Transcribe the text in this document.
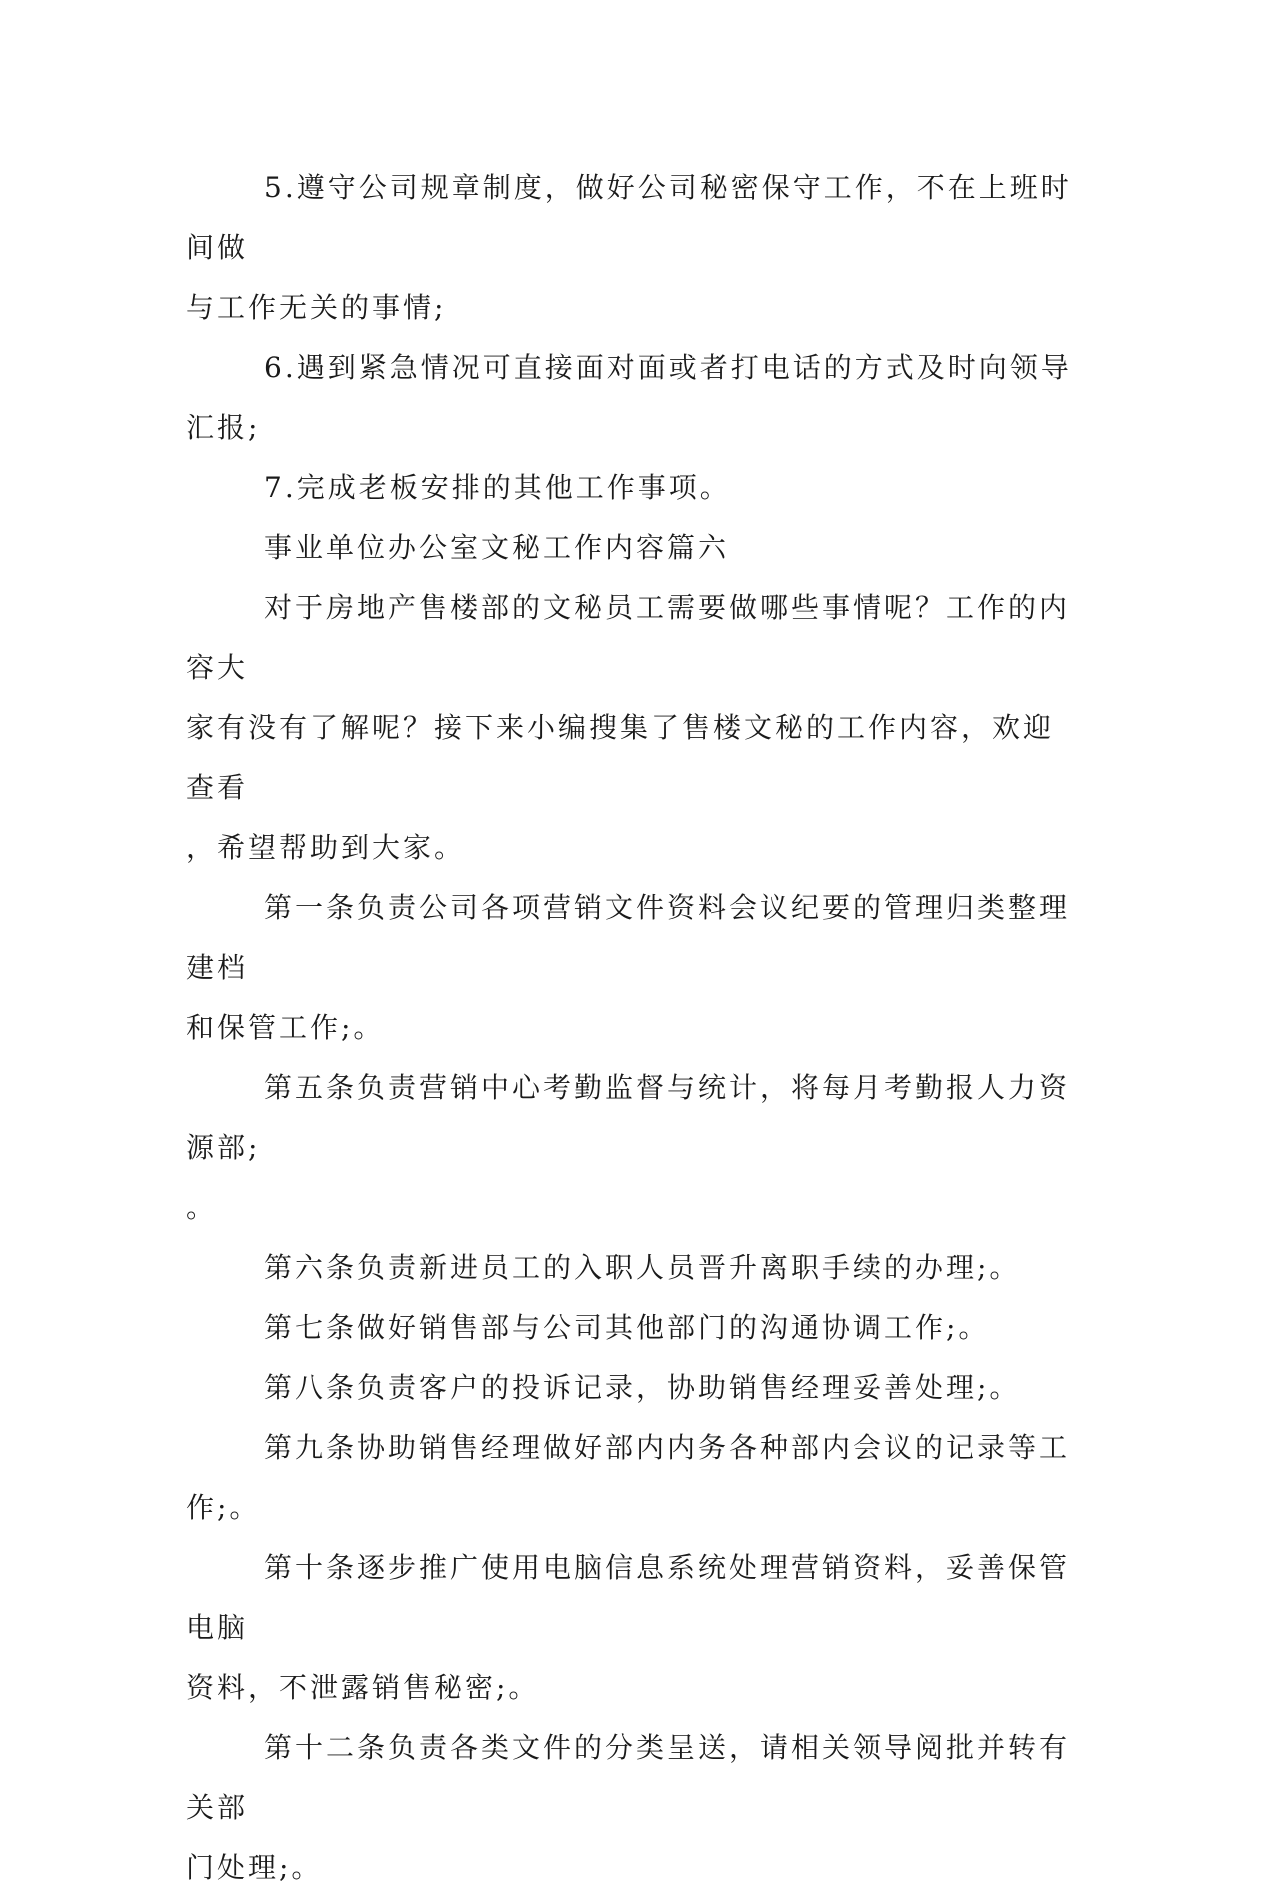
5.遵守公司规章制度，做好公司秘密保守工作，不在上班时间做
与工作无关的事情;

6.遇到紧急情况可直接面对面或者打电话的方式及时向领导汇报;

7.完成老板安排的其他工作事项。

事业单位办公室文秘工作内容篇六

对于房地产售楼部的文秘员工需要做哪些事情呢？工作的内容大
家有没有了解呢？接下来小编搜集了售楼文秘的工作内容，欢迎查看
，希望帮助到大家。

第一条负责公司各项营销文件资料会议纪要的管理归类整理建档
和保管工作;。

第五条负责营销中心考勤监督与统计，将每月考勤报人力资源部;
。

第六条负责新进员工的入职人员晋升离职手续的办理;。

第七条做好销售部与公司其他部门的沟通协调工作;。

第八条负责客户的投诉记录，协助销售经理妥善处理;。

第九条协助销售经理做好部内内务各种部内会议的记录等工作;。

第十条逐步推广使用电脑信息系统处理营销资料，妥善保管电脑
资料，不泄露销售秘密;。

第十二条负责各类文件的分类呈送，请相关领导阅批并转有关部
门处理;。
